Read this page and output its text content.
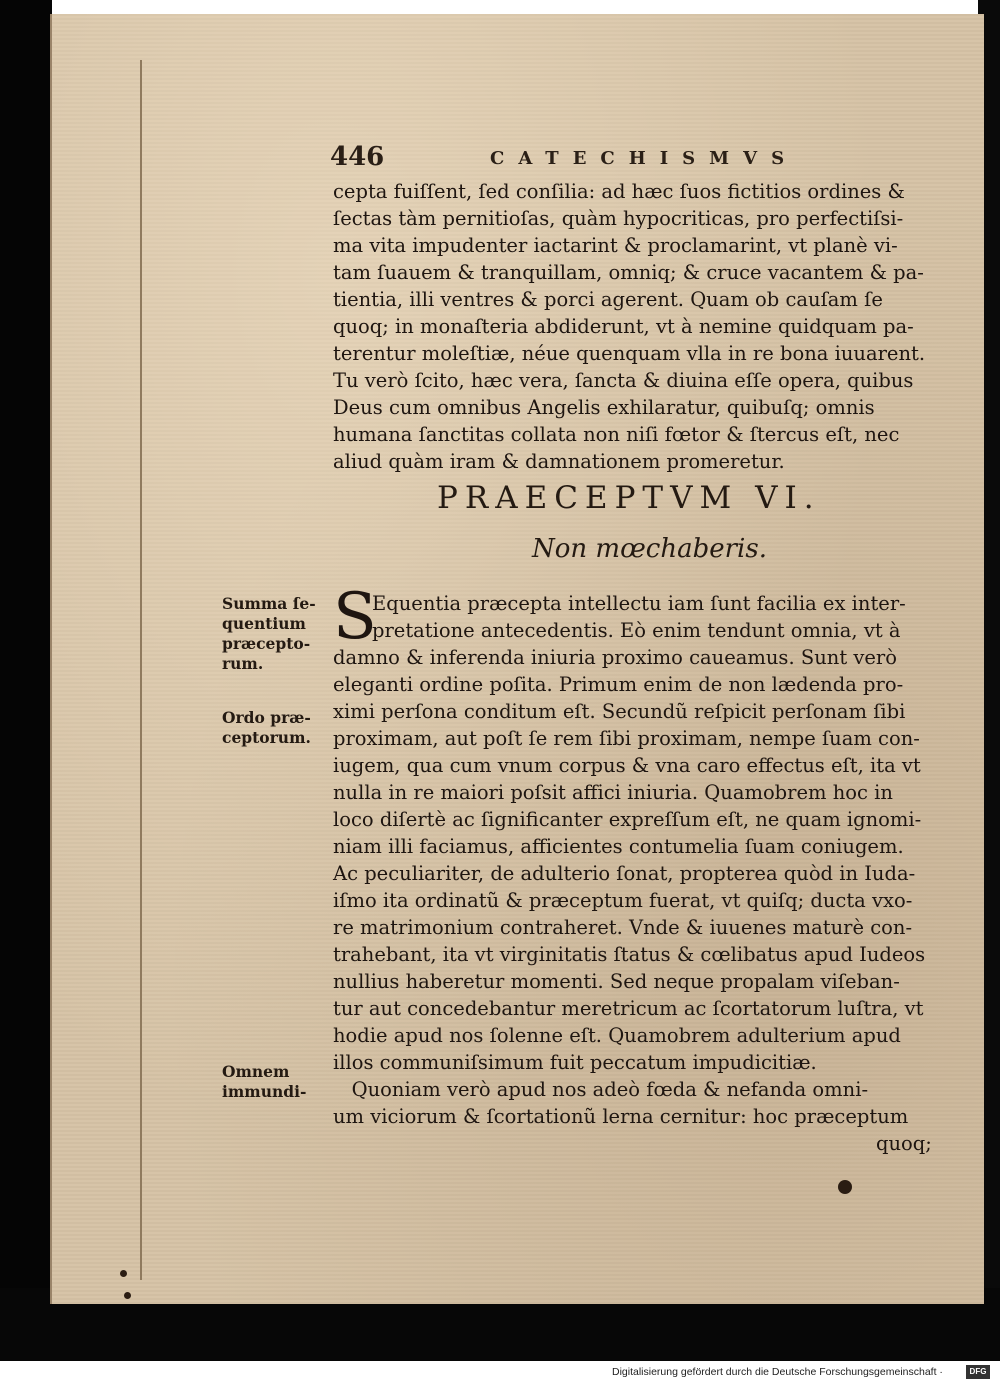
446	CATECHISMVS
cepta fuiſſent, ſed conſilia: ad hæc ſuos fictitios ordines &
ſectas tàm pernitioſas, quàm hypocriticas, pro perfectiſsi-
ma vita impudenter iactarint & proclamarint, vt planè vi-
tam ſuauem & tranquillam, omniq; & cruce vacantem & pa-
tientia, illi ventres & porci agerent. Quam ob cauſam ſe
quoq; in monaſteria abdiderunt, vt à nemine quidquam pa-
terentur moleſtiæ, néue quenquam vlla in re bona iuuarent.
Tu verò ſcito, hæc vera, ſancta & diuina eſſe opera, quibus
Deus cum omnibus Angelis exhilaratur, quibuſq; omnis
humana ſanctitas collata non niſi fœtor & ſtercus eſt, nec
aliud quàm iram & damnationem promeretur.
PRAECEPTVM VI.
Non mœchaberis.
Summa ſe-
quentium
præcepto-
rum.
Ordo præ-
ceptorum.
Omnem
immundi-
S
Equentia præcepta intellectu iam ſunt facilia ex inter-
pretatione antecedentis. Eò enim tendunt omnia, vt à
damno & inferenda iniuria proximo caueamus. Sunt verò
eleganti ordine poſita. Primum enim de non lædenda pro-
ximi perſona conditum eſt. Secundũ reſpicit perſonam ſibi
proximam, aut poſt ſe rem ſibi proximam, nempe ſuam con-
iugem, qua cum vnum corpus & vna caro effectus eſt, ita vt
nulla in re maiori poſsit affici iniuria. Quamobrem hoc in
loco diſertè ac ſignificanter expreſſum eſt, ne quam ignomi-
niam illi faciamus, afficientes contumelia ſuam coniugem.
Ac peculiariter, de adulterio ſonat, propterea quòd in Iuda-
iſmo ita ordinatũ & præceptum fuerat, vt quiſq; ducta vxo-
re matrimonium contraheret. Vnde & iuuenes maturè con-
trahebant, ita vt virginitatis ſtatus & cœlibatus apud Iudeos
nullius haberetur momenti. Sed neque propalam viſeban-
tur aut concedebantur meretricum ac ſcortatorum luſtra, vt
hodie apud nos ſolenne eſt. Quamobrem adulterium apud
illos communiſsimum fuit peccatum impudicitiæ.
Quoniam verò apud nos adeò fœda & nefanda omni-
um viciorum & ſcortationũ lerna cernitur: hoc præceptum
quoq;
Digitalisierung gefördert durch die Deutsche Forschungsgemeinschaft ·	DFG
